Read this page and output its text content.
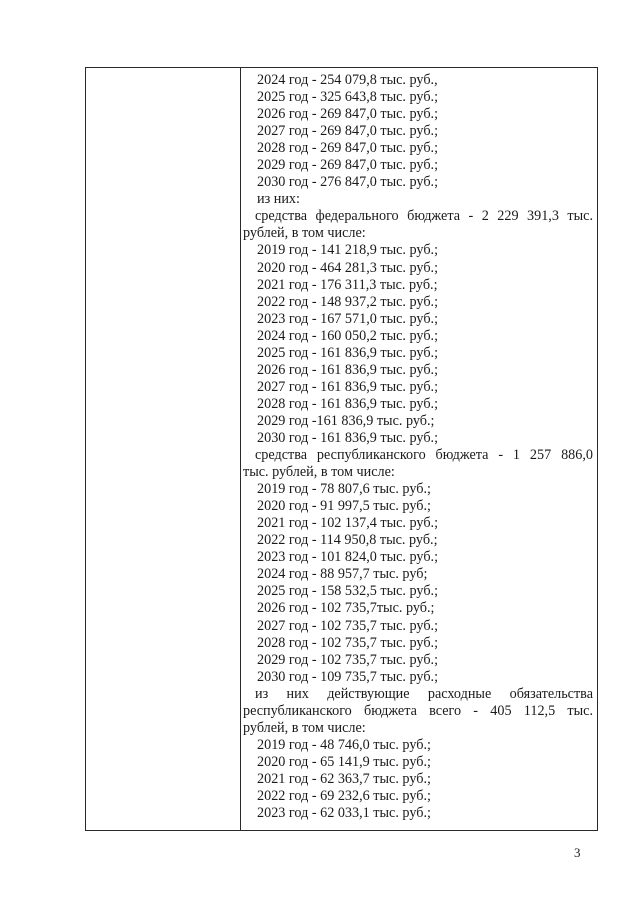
2024 год - 254 079,8 тыс. руб.,
2025 год - 325 643,8 тыс. руб.;
2026 год - 269 847,0 тыс. руб.;
2027 год - 269 847,0 тыс. руб.;
2028 год - 269 847,0 тыс. руб.;
2029 год - 269 847,0 тыс. руб.;
2030 год - 276 847,0 тыс. руб.;
из них:
средства федерального бюджета - 2 229 391,3 тыс.
рублей, в том числе:
2019 год - 141 218,9 тыс. руб.;
2020 год - 464 281,3 тыс. руб.;
2021 год - 176 311,3 тыс. руб.;
2022 год - 148 937,2 тыс. руб.;
2023 год - 167 571,0 тыс. руб.;
2024 год - 160 050,2 тыс. руб.;
2025 год - 161 836,9 тыс. руб.;
2026 год - 161 836,9 тыс. руб.;
2027 год - 161 836,9 тыс. руб.;
2028 год - 161 836,9 тыс. руб.;
2029 год -161 836,9 тыс. руб.;
2030 год - 161 836,9 тыс. руб.;
средства республиканского бюджета - 1 257 886,0
тыс. рублей, в том числе:
2019 год - 78 807,6 тыс. руб.;
2020 год - 91 997,5 тыс. руб.;
2021 год - 102 137,4 тыс. руб.;
2022 год - 114 950,8 тыс. руб.;
2023 год - 101 824,0 тыс. руб.;
2024 год - 88 957,7 тыс. руб;
2025 год - 158 532,5 тыс. руб.;
2026 год - 102 735,7тыс. руб.;
2027 год - 102 735,7 тыс. руб.;
2028 год - 102 735,7 тыс. руб.;
2029 год - 102 735,7 тыс. руб.;
2030 год - 109 735,7 тыс. руб.;
из них действующие расходные обязательства
республиканского бюджета всего - 405 112,5 тыс.
рублей, в том числе:
2019 год - 48 746,0 тыс. руб.;
2020 год - 65 141,9 тыс. руб.;
2021 год - 62 363,7 тыс. руб.;
2022 год - 69 232,6 тыс. руб.;
2023 год - 62 033,1 тыс. руб.;
3
